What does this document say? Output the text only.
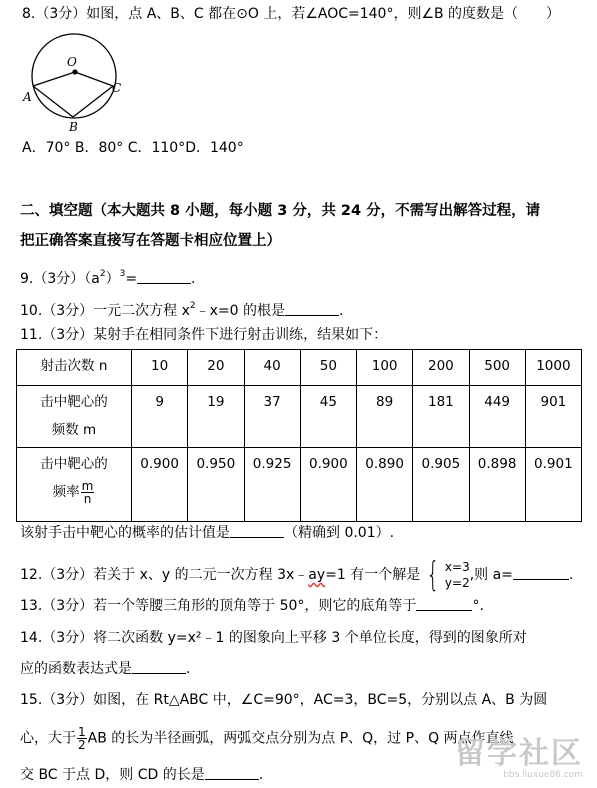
8.（3分）如图，点 A、B、C 都在⊙O 上，若∠AOC=140°，则∠B 的度数是（　　）
O
A
C
B
A．70° B．80° C．110°D．140°
二、填空题（本大题共 8 小题，每小题 3 分，共 24 分，不需写出解答过程，请
把正确答案直接写在答题卡相应位置上）
9.（3分）$(a^2)^3=$	.
10.（3分）一元二次方程 $x^2﹣x=0$ 的根是	.
11.（3分）某射手在相同条件下进行射击训练，结果如下：
射击次数 n	10	20	40	50	100	200	500	1000

击中靶心的
频数 m	9	19	37	45	89	181	449	901

击中靶心的
频率 $\frac{m}{n}$	0.900	0.950	0.925	0.900	0.890	0.905	0.898	0.901
该射手击中靶心的概率的估计值是	（精确到 0.01）.
12.（3分）若关于 x、y 的二元一次方程 3x﹣ay=1 有一个解是 { x=3
y=2 ,则 a=	.
13.（3分）若一个等腰三角形的顶角等于 50°，则它的底角等于	°.
14.（3分）将二次函数 y=x²﹣1 的图象向上平移 3 个单位长度，得到的图象所对
应的函数表达式是	.
15.（3分）如图，在 Rt△ABC 中，∠C=90°，AC=3，BC=5，分别以点 A、B 为圆
心，大于 $\frac{1}{2}$ AB 的长为半径画弧，两弧交点分别为点 P、Q，过 P、Q 两点作直线
交 BC 于点 D，则 CD 的长是	.
留学社区
bbs.liuxue86.com
